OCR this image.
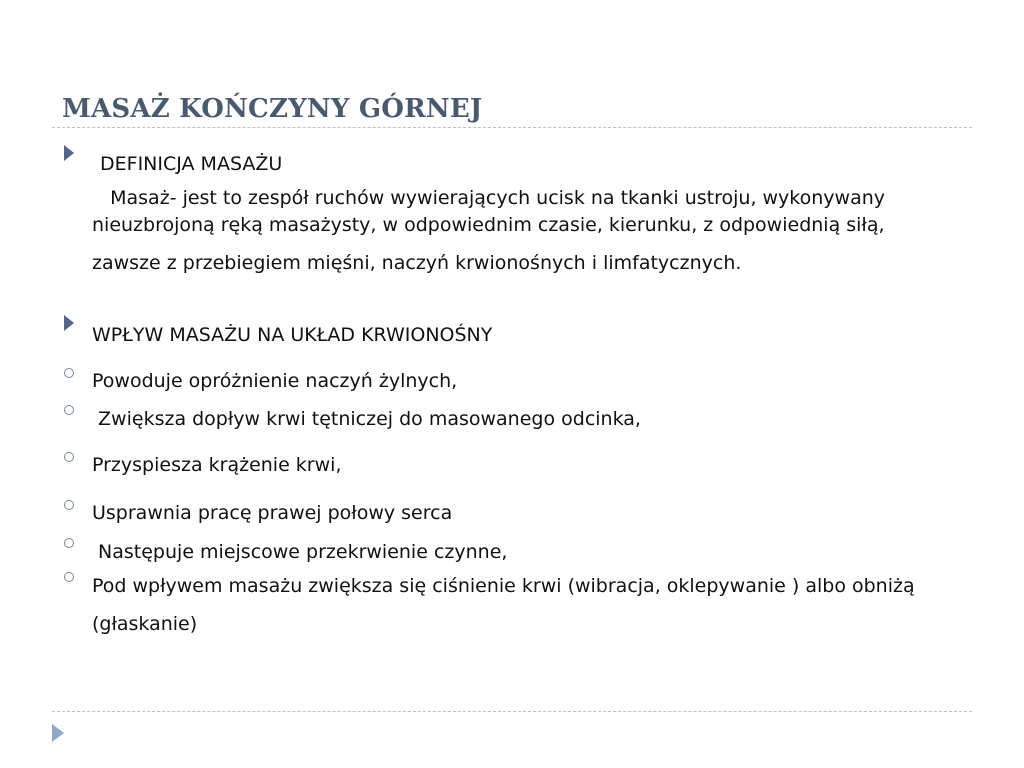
MASAŻ KOŃCZYNY GÓRNEJ
DEFINICJA MASAŻU
Masaż- jest to zespół ruchów wywierających ucisk na tkanki ustroju, wykonywany
nieuzbrojoną ręką masażysty, w odpowiednim czasie, kierunku, z odpowiednią siłą,
zawsze z przebiegiem mięśni, naczyń krwionośnych i limfatycznych.
WPŁYW MASAŻU NA UKŁAD KRWIONOŚNY
Powoduje opróżnienie naczyń żylnych,
Zwiększa dopływ krwi tętniczej do masowanego odcinka,
Przyspiesza krążenie krwi,
Usprawnia pracę prawej połowy serca
Następuje miejscowe przekrwienie czynne,
Pod wpływem masażu zwiększa się ciśnienie krwi (wibracja, oklepywanie ) albo obniżą
(głaskanie)
